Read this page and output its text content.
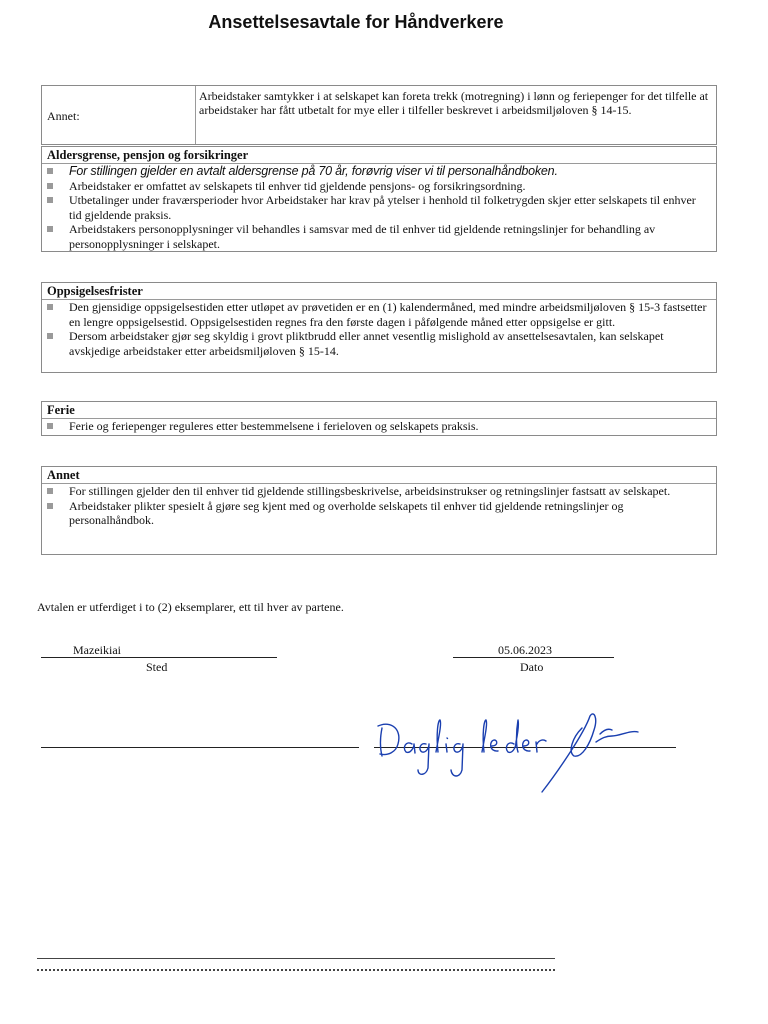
Ansettelsesavtale for Håndverkere
Annet:
Arbeidstaker samtykker i at selskapet kan foreta trekk (motregning) i lønn og feriepenger for det tilfelle at arbeidstaker har fått utbetalt for mye eller i tilfeller beskrevet i arbeidsmiljøloven § 14-15.
Aldersgrense, pensjon og forsikringer
For stillingen gjelder en avtalt aldersgrense på 70 år, forøvrig viser vi til personalhåndboken.
Arbeidstaker er omfattet av selskapets til enhver tid gjeldende pensjons- og forsikringsordning.
Utbetalinger under fraværsperioder hvor Arbeidstaker har krav på ytelser i henhold til folketrygden skjer etter selskapets til enhver tid gjeldende praksis.
Arbeidstakers personopplysninger vil behandles i samsvar med de til enhver tid gjeldende retningslinjer for behandling av personopplysninger i selskapet.
Oppsigelsesfrister
Den gjensidige oppsigelsestiden etter utløpet av prøvetiden er en (1) kalendermåned, med mindre arbeidsmiljøloven § 15-3 fastsetter en lengre oppsigelsestid. Oppsigelsestiden regnes fra den første dagen i påfølgende måned etter oppsigelse er gitt.
Dersom arbeidstaker gjør seg skyldig i grovt pliktbrudd eller annet vesentlig mislighold av ansettelsesavtalen, kan selskapet avskjedige arbeidstaker etter arbeidsmiljøloven § 15-14.
Ferie
Ferie og feriepenger reguleres etter bestemmelsene i ferieloven og selskapets praksis.
Annet
For stillingen gjelder den til enhver tid gjeldende stillingsbeskrivelse, arbeidsinstrukser og retningslinjer fastsatt av selskapet.
Arbeidstaker plikter spesielt å gjøre seg kjent med og overholde selskapets til enhver tid gjeldende retningslinjer og personalhåndbok.
Avtalen er utferdiget i to (2) eksemplarer, ett til hver av partene.
Mazeikiai
Sted
05.06.2023
Dato
